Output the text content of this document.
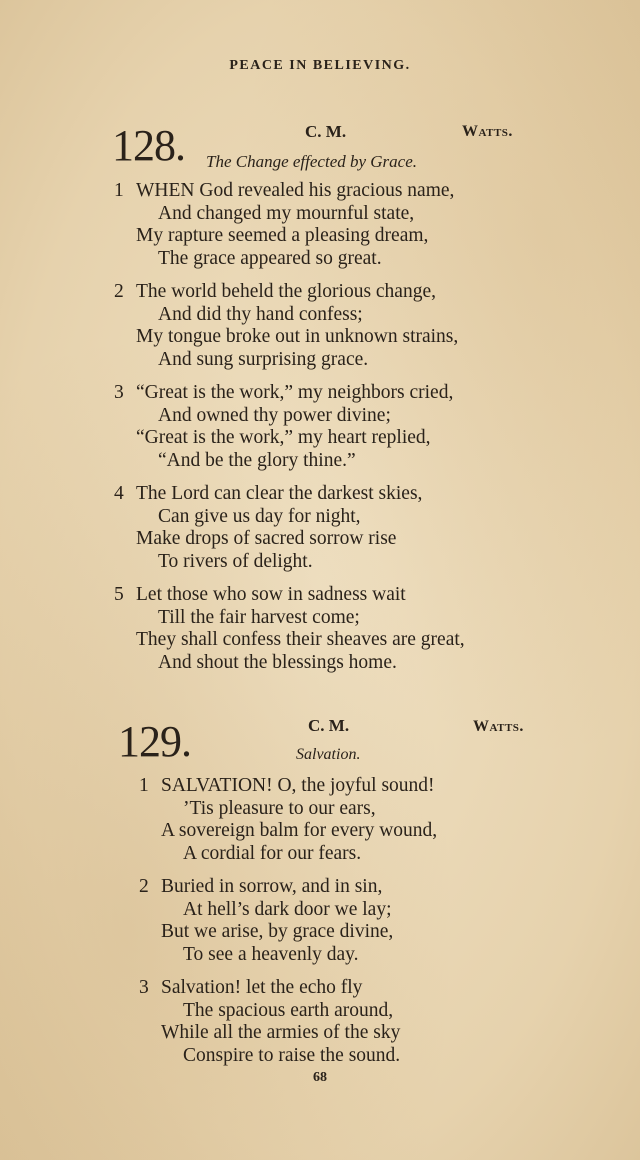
PEACE IN BELIEVING.
128.	C. M.	Watts.
The Change effected by Grace.
1 WHEN God revealed his gracious name,
And changed my mournful state,
My rapture seemed a pleasing dream,
The grace appeared so great.
2 The world beheld the glorious change,
And did thy hand confess;
My tongue broke out in unknown strains,
And sung surprising grace.
3 “Great is the work,” my neighbors cried,
And owned thy power divine;
“Great is the work,” my heart replied,
“And be the glory thine.”
4 The Lord can clear the darkest skies,
Can give us day for night,
Make drops of sacred sorrow rise
To rivers of delight.
5 Let those who sow in sadness wait
Till the fair harvest come;
They shall confess their sheaves are great,
And shout the blessings home.
129.	C. M.	Watts.
Salvation.
1 SALVATION! O, the joyful sound!
’Tis pleasure to our ears,
A sovereign balm for every wound,
A cordial for our fears.
2 Buried in sorrow, and in sin,
At hell’s dark door we lay;
But we arise, by grace divine,
To see a heavenly day.
3 Salvation! let the echo fly
The spacious earth around,
While all the armies of the sky
Conspire to raise the sound.
68
